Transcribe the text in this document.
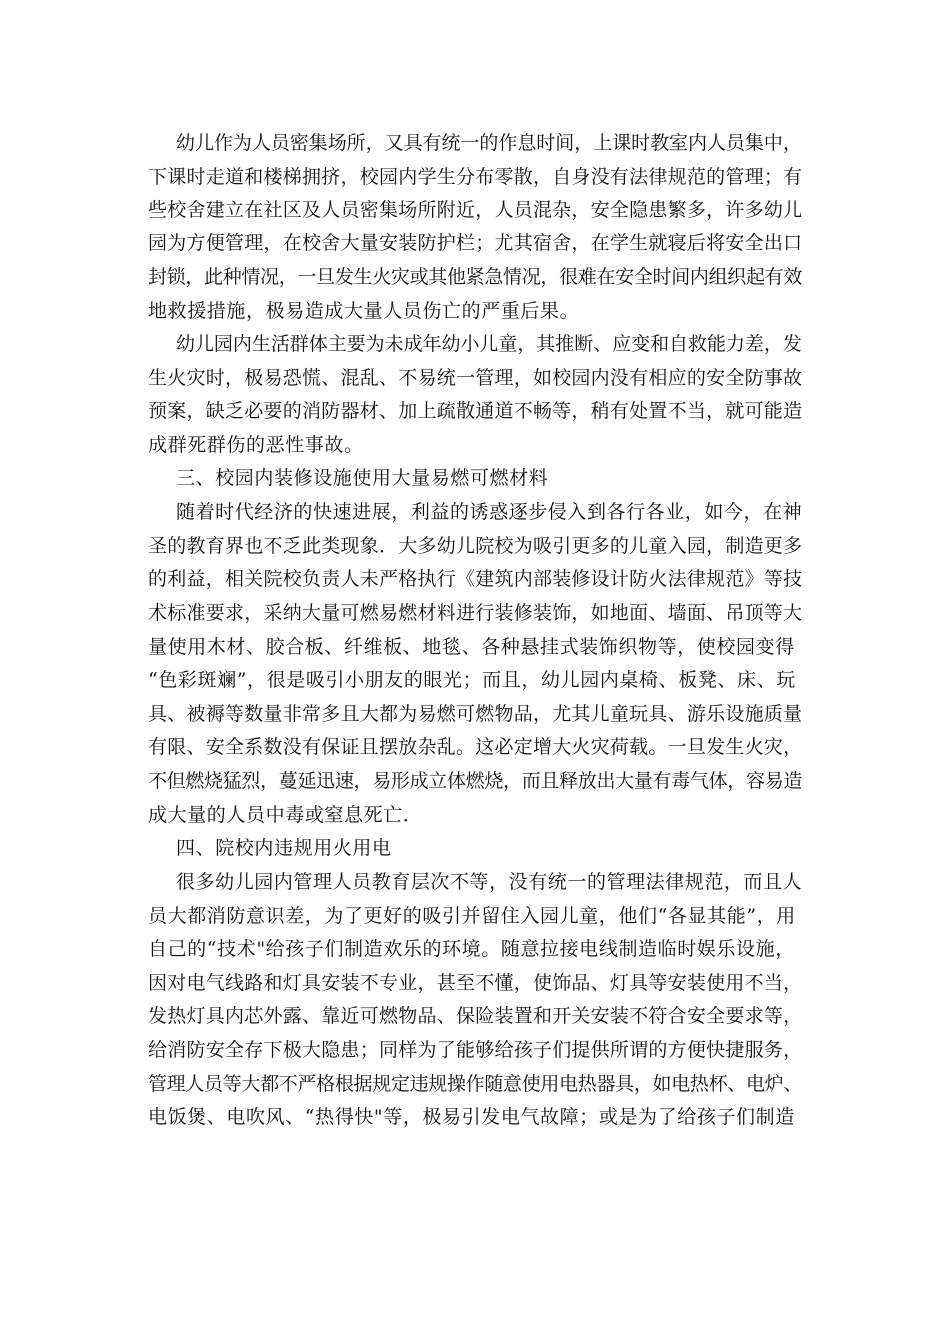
幼儿作为人员密集场所，又具有统一的作息时间，上课时教室内人员集中，
下课时走道和楼梯拥挤，校园内学生分布零散，自身没有法律规范的管理；有
些校舍建立在社区及人员密集场所附近，人员混杂，安全隐患繁多，许多幼儿
园为方便管理，在校舍大量安装防护栏；尤其宿舍，在学生就寝后将安全出口
封锁，此种情况，一旦发生火灾或其他紧急情况，很难在安全时间内组织起有效
地救援措施，极易造成大量人员伤亡的严重后果。
幼儿园内生活群体主要为未成年幼小儿童，其推断、应变和自救能力差，发
生火灾时，极易恐慌、混乱、不易统一管理，如校园内没有相应的安全防事故
预案，缺乏必要的消防器材、加上疏散通道不畅等，稍有处置不当，就可能造
成群死群伤的恶性事故。
三、校园内装修设施使用大量易燃可燃材料
随着时代经济的快速进展，利益的诱惑逐步侵入到各行各业，如今，在神
圣的教育界也不乏此类现象．大多幼儿院校为吸引更多的儿童入园，制造更多
的利益，相关院校负责人未严格执行《建筑内部装修设计防火法律规范》等技
术标准要求，采纳大量可燃易燃材料进行装修装饰，如地面、墙面、吊顶等大
量使用木材、胶合板、纤维板、地毯、各种悬挂式装饰织物等，使校园变得
“色彩斑斓”，很是吸引小朋友的眼光；而且，幼儿园内桌椅、板凳、床、玩
具、被褥等数量非常多且大都为易燃可燃物品，尤其儿童玩具、游乐设施质量
有限、安全系数没有保证且摆放杂乱。这必定增大火灾荷载。一旦发生火灾，
不但燃烧猛烈，蔓延迅速，易形成立体燃烧，而且释放出大量有毒气体，容易造
成大量的人员中毒或窒息死亡．
四、院校内违规用火用电
很多幼儿园内管理人员教育层次不等，没有统一的管理法律规范，而且人
员大都消防意识差，为了更好的吸引并留住入园儿童，他们“各显其能”，用
自己的“技术"给孩子们制造欢乐的环境。随意拉接电线制造临时娱乐设施，
因对电气线路和灯具安装不专业，甚至不懂，使饰品、灯具等安装使用不当，
发热灯具内芯外露、靠近可燃物品、保险装置和开关安装不符合安全要求等，
给消防安全存下极大隐患；同样为了能够给孩子们提供所谓的方便快捷服务，
管理人员等大都不严格根据规定违规操作随意使用电热器具，如电热杯、电炉、
电饭煲、电吹风、“热得快"等，极易引发电气故障；或是为了给孩子们制造
